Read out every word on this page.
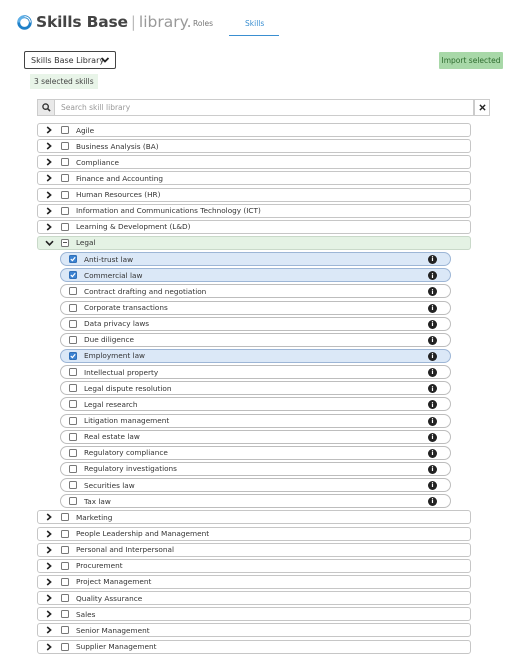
Skills Base | library. Roles	Skills
Skills Base Library	Import selected
3 selected skills
Search skill library
Agile
Business Analysis (BA)
Compliance
Finance and Accounting
Human Resources (HR)
Information and Communications Technology (ICT)
Learning & Development (L&D)
Legal
Anti-trust law	i
Commercial law	i
Contract drafting and negotiation	i
Corporate transactions	i
Data privacy laws	i
Due diligence	i
Employment law	i
Intellectual property	i
Legal dispute resolution	i
Legal research	i
Litigation management	i
Real estate law	i
Regulatory compliance	i
Regulatory investigations	i
Securities law	i
Tax law	i
Marketing
People Leadership and Management
Personal and Interpersonal
Procurement
Project Management
Quality Assurance
Sales
Senior Management
Supplier Management
